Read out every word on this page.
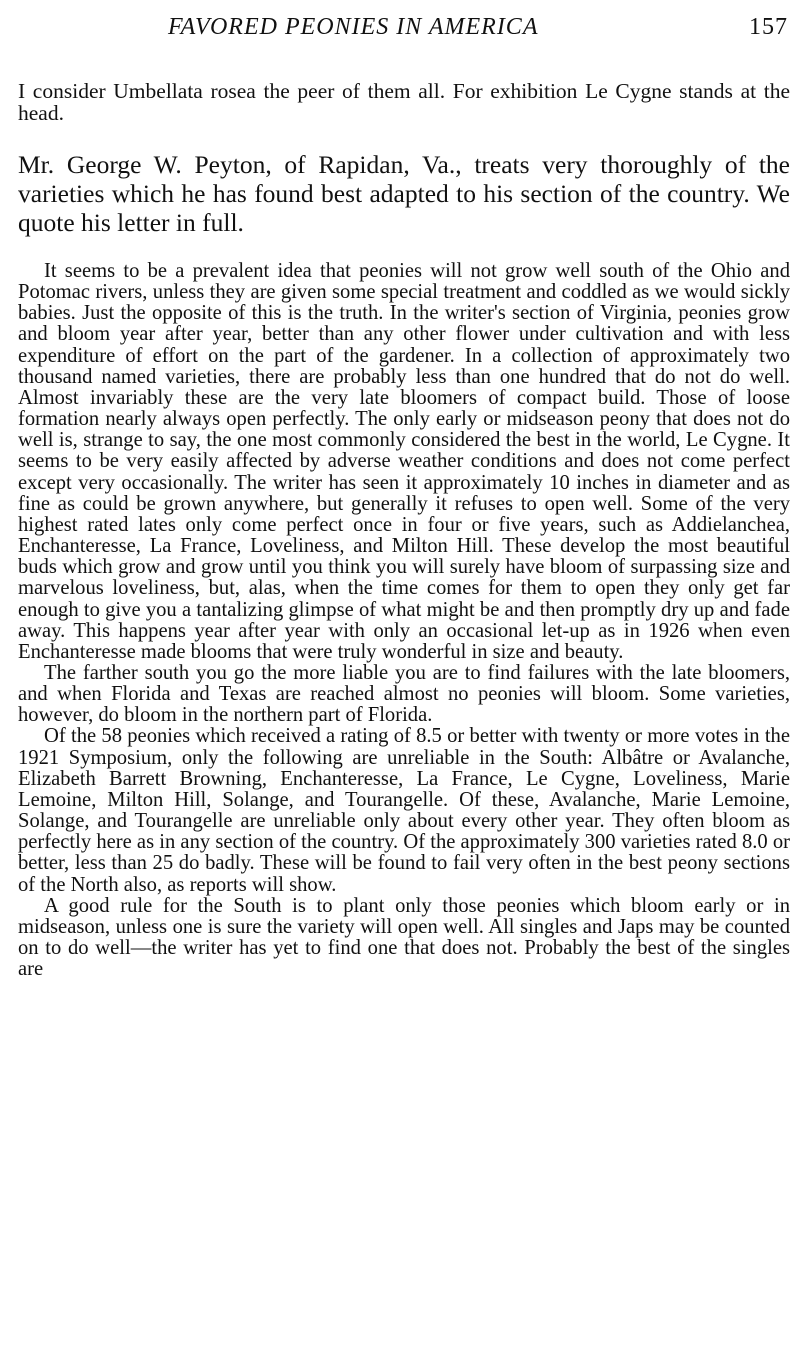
FAVORED PEONIES IN AMERICA	157

I consider Umbellata rosea the peer of them all. For exhibition Le Cygne stands at the head.

Mr. George W. Peyton, of Rapidan, Va., treats very thoroughly of the varieties which he has found best adapted to his section of the country. We quote his letter in full.

It seems to be a prevalent idea that peonies will not grow well south of the Ohio and Potomac rivers, unless they are given some special treatment and coddled as we would sickly babies. Just the opposite of this is the truth. In the writer's section of Virginia, peonies grow and bloom year after year, better than any other flower under cultivation and with less expenditure of effort on the part of the gardener. In a collection of approximately two thousand named varieties, there are probably less than one hundred that do not do well. Almost invariably these are the very late bloomers of compact build. Those of loose formation nearly always open perfectly. The only early or midseason peony that does not do well is, strange to say, the one most commonly considered the best in the world, Le Cygne. It seems to be very easily affected by adverse weather conditions and does not come perfect except very occasionally. The writer has seen it approximately 10 inches in diameter and as fine as could be grown anywhere, but generally it refuses to open well. Some of the very highest rated lates only come perfect once in four or five years, such as Addielanchea, Enchanteresse, La France, Loveliness, and Milton Hill. These develop the most beautiful buds which grow and grow until you think you will surely have bloom of surpassing size and marvelous loveliness, but, alas, when the time comes for them to open they only get far enough to give you a tantalizing glimpse of what might be and then promptly dry up and fade away. This happens year after year with only an occasional let-up as in 1926 when even Enchanteresse made blooms that were truly wonderful in size and beauty.

The farther south you go the more liable you are to find failures with the late bloomers, and when Florida and Texas are reached almost no peonies will bloom. Some varieties, however, do bloom in the northern part of Florida.

Of the 58 peonies which received a rating of 8.5 or better with twenty or more votes in the 1921 Symposium, only the following are unreliable in the South: Albâtre or Avalanche, Elizabeth Barrett Browning, Enchanteresse, La France, Le Cygne, Loveliness, Marie Lemoine, Milton Hill, Solange, and Tourangelle. Of these, Avalanche, Marie Lemoine, Solange, and Tourangelle are unreliable only about every other year. They often bloom as perfectly here as in any section of the country. Of the approximately 300 varieties rated 8.0 or better, less than 25 do badly. These will be found to fail very often in the best peony sections of the North also, as reports will show.

A good rule for the South is to plant only those peonies which bloom early or in midseason, unless one is sure the variety will open well. All singles and Japs may be counted on to do well—the writer has yet to find one that does not. Probably the best of the singles are
